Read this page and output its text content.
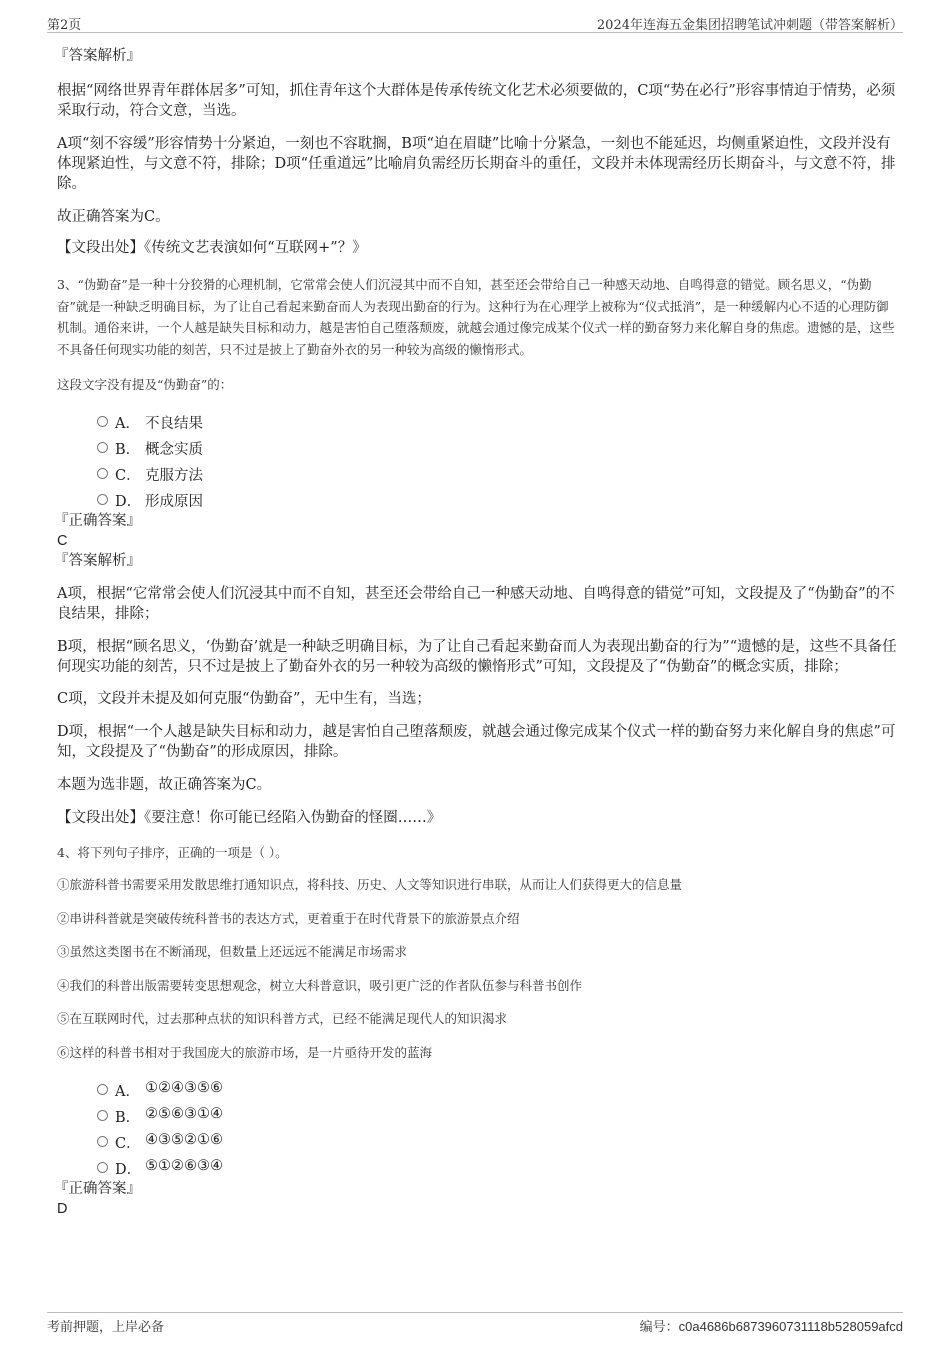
第2页	2024年连海五金集团招聘笔试冲刺题（带答案解析）
『答案解析』
根据“网络世界青年群体居多”可知，抓住青年这个大群体是传承传统文化艺术必须要做的，C项“势在必行”形容事情迫于情势，必须采取行动，符合文意，当选。
A项“刻不容缓”形容情势十分紧迫，一刻也不容耽搁，B项“迫在眉睫”比喻十分紧急，一刻也不能延迟，均侧重紧迫性，文段并没有体现紧迫性，与文意不符，排除；D项“任重道远”比喻肩负需经历长期奋斗的重任，文段并未体现需经历长期奋斗，与文意不符，排除。
故正确答案为C。
【文段出处】《传统文艺表演如何“互联网+”？》
3、“伪勤奋”是一种十分狡猾的心理机制，它常常会使人们沉浸其中而不自知，甚至还会带给自己一种感天动地、自鸣得意的错觉。顾名思义，“伪勤奋”就是一种缺乏明确目标，为了让自己看起来勤奋而人为表现出勤奋的行为。这种行为在心理学上被称为“仪式抵消”，是一种缓解内心不适的心理防御机制。通俗来讲，一个人越是缺失目标和动力，越是害怕自己堕落颓废，就越会通过像完成某个仪式一样的勤奋努力来化解自身的焦虑。遗憾的是，这些不具备任何现实功能的刻苦，只不过是披上了勤奋外衣的另一种较为高级的懒惰形式。
这段文字没有提及“伪勤奋”的：
A． 不良结果
B． 概念实质
C． 克服方法
D． 形成原因
『正确答案』
C
『答案解析』
A项，根据“它常常会使人们沉浸其中而不自知，甚至还会带给自己一种感天动地、自鸣得意的错觉”可知，文段提及了“伪勤奋”的不良结果，排除；
B项，根据“顾名思义，‘伪勤奋’就是一种缺乏明确目标，为了让自己看起来勤奋而人为表现出勤奋的行为”“遗憾的是，这些不具备任何现实功能的刻苦，只不过是披上了勤奋外衣的另一种较为高级的懒惰形式”可知，文段提及了“伪勤奋”的概念实质，排除；
C项，文段并未提及如何克服“伪勤奋”，无中生有，当选；
D项，根据“一个人越是缺失目标和动力，越是害怕自己堕落颓废，就越会通过像完成某个仪式一样的勤奋努力来化解自身的焦虑”可知，文段提及了“伪勤奋”的形成原因，排除。
本题为选非题，故正确答案为C。
【文段出处】《要注意！你可能已经陷入伪勤奋的怪圈……》
4、将下列句子排序，正确的一项是（ ）。
①旅游科普书需要采用发散思维打通知识点，将科技、历史、人文等知识进行串联，从而让人们获得更大的信息量
②串讲科普就是突破传统科普书的表达方式，更着重于在时代背景下的旅游景点介绍
③虽然这类图书在不断涌现，但数量上还远远不能满足市场需求
④我们的科普出版需要转变思想观念，树立大科普意识，吸引更广泛的作者队伍参与科普书创作
⑤在互联网时代，过去那种点状的知识科普方式，已经不能满足现代人的知识渴求
⑥这样的科普书相对于我国庞大的旅游市场，是一片亟待开发的蓝海
A． ①②④③⑤⑥
B． ②⑤⑥③①④
C． ④③⑤②①⑥
D． ⑤①②⑥③④
『正确答案』
D
考前押题，上岸必备	编号：c0a4686b6873960731118b528059afcd
